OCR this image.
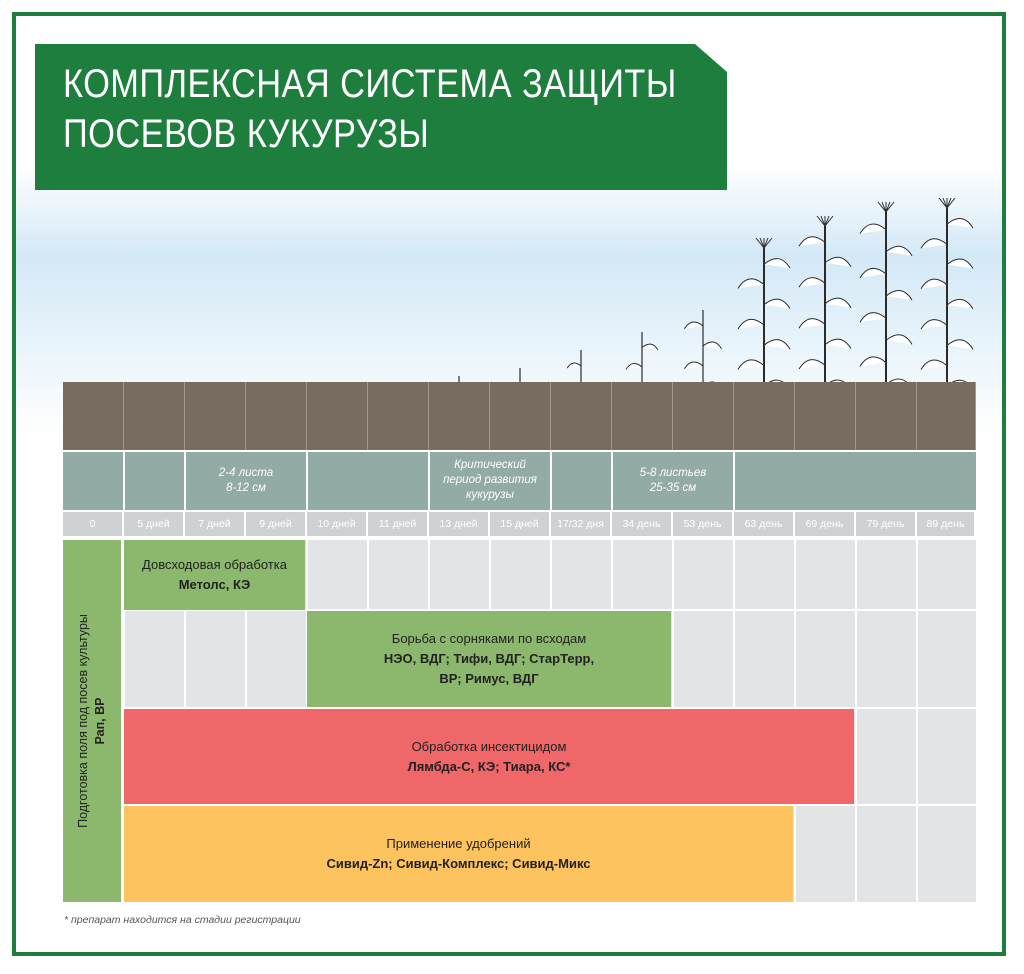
КОМПЛЕКСНАЯ СИСТЕМА ЗАЩИТЫ
ПОСЕВОВ КУКУРУЗЫ
2-4 листа
8-12 см
Критический
период развития
кукурузы
5-8 листьев
25-35 см
0	5 дней	7 дней	9 дней	10 дней	11 дней	13 дней	15 дней	17/32 дня	34 день	53 день	63 день	69 день	79 день	89 день
Подготовка поля под посев культуры Рап, ВР
Довсходовая обработка
Метолс, КЭ
Борьба с сорняками по всходам
НЭО, ВДГ; Тифи, ВДГ; СтарТерр,
ВР; Римус, ВДГ
Обработка инсектицидом
Лямбда-С, КЭ; Тиара, КС*
Применение удобрений
Сивид-Zn; Сивид-Комплекс; Сивид-Микс
* препарат находится на стадии регистрации
